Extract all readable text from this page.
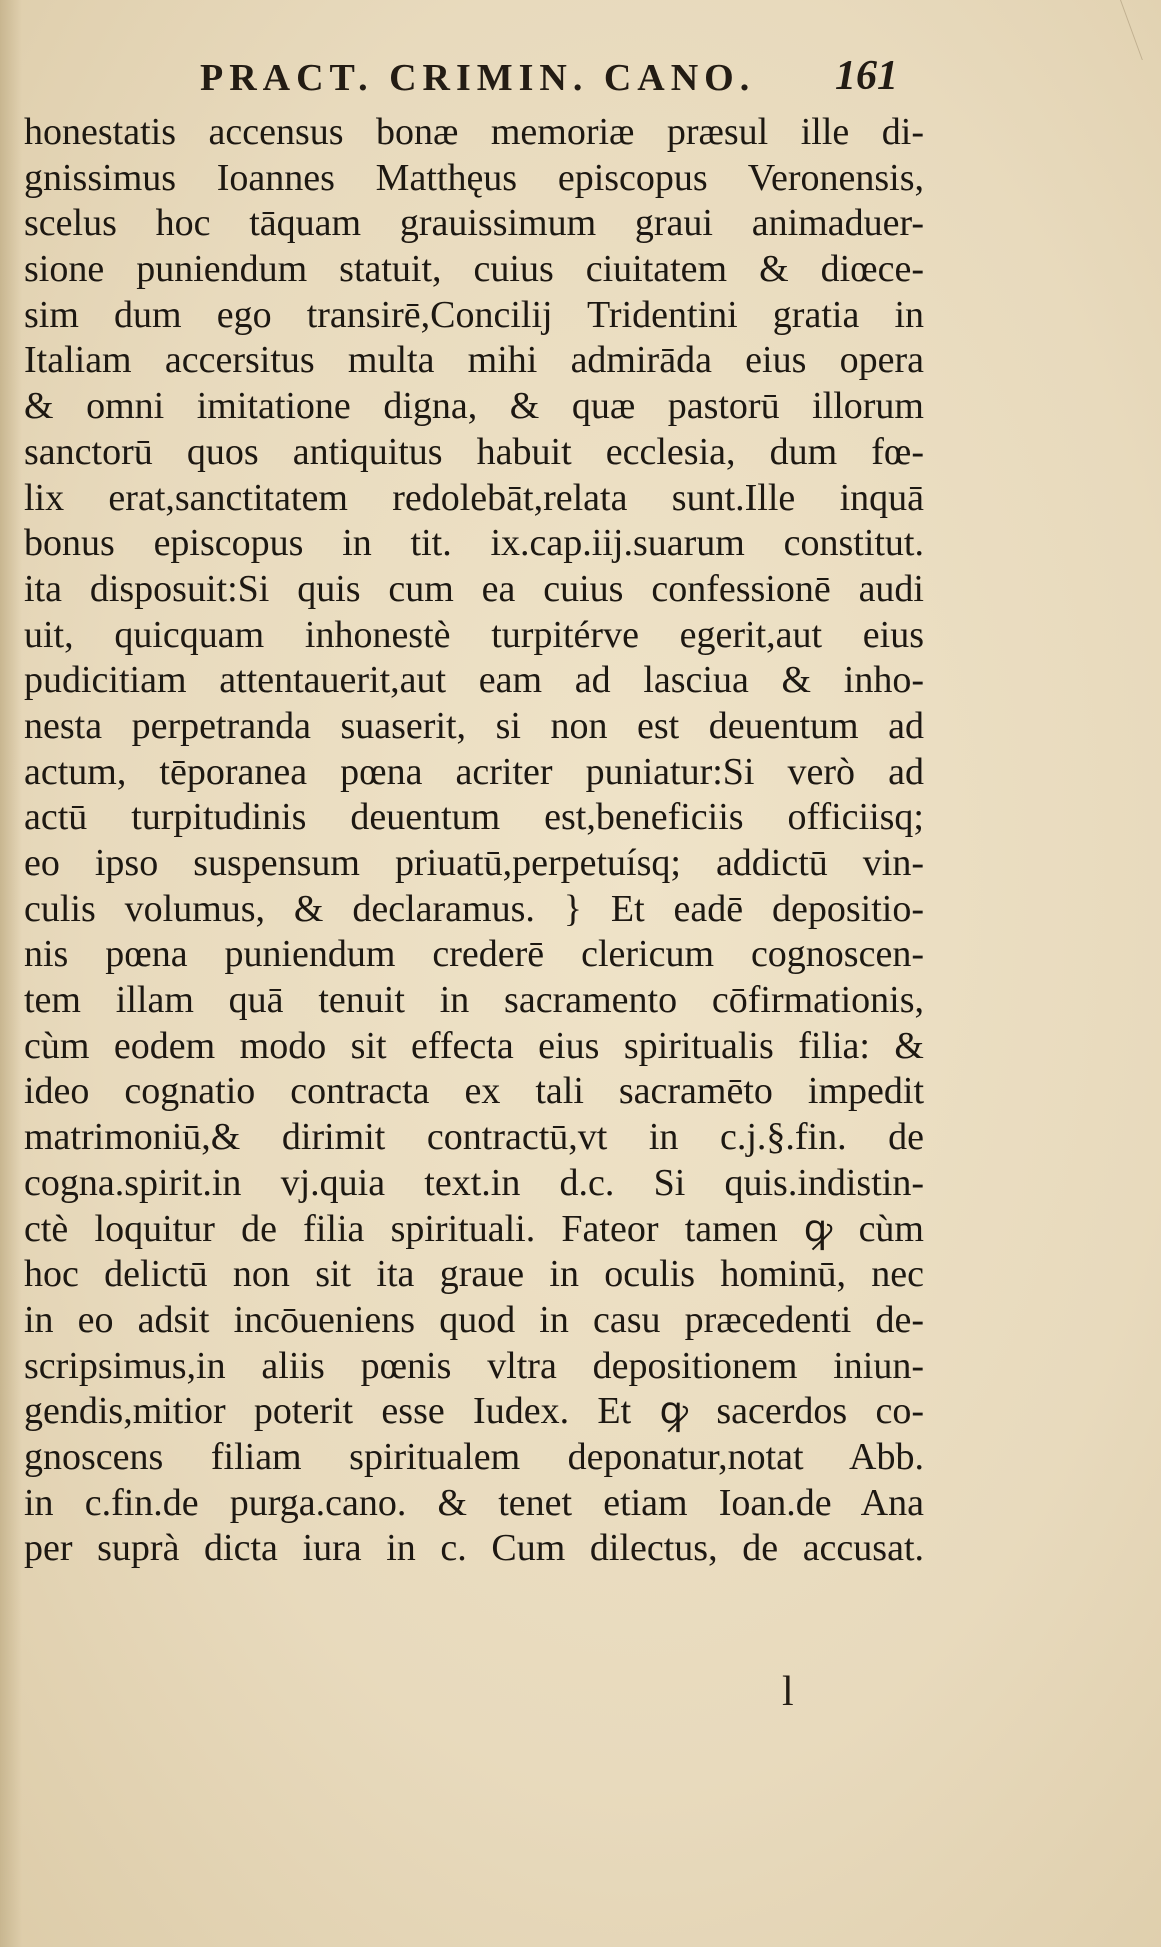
PRACT. CRIMIN. CANO. 161
honestatis accensus bonæ memoriæ præsul ille di-
gnissimus Ioannes Matthęus episcopus Veronensis,
scelus hoc tāquam grauissimum graui animaduer-
sione puniendum statuit, cuius ciuitatem & diœce-
sim dum ego transirē,Concilij Tridentini gratia in
Italiam accersitus multa mihi admirāda eius opera
& omni imitatione digna, & quæ pastorū illorum
sanctorū quos antiquitus habuit ecclesia, dum fœ-
lix erat,sanctitatem redolebāt,relata sunt.Ille inquā
bonus episcopus in tit. ix.cap.iij.suarum constitut.
ita disposuit:Si quis cum ea cuius confessionē audi
uit, quicquam inhonestè turpitérve egerit,aut eius
pudicitiam attentauerit,aut eam ad lasciua & inho-
nesta perpetranda suaserit, si non est deuentum ad
actum, tēporanea pœna acriter puniatur:Si verò ad
actū turpitudinis deuentum est,beneficiis officiisq;
eo ipso suspensum priuatū,perpetuísq; addictū vin-
culis volumus, & declaramus. } Et eadē depositio-
nis pœna puniendum crederē clericum cognoscen-
tem illam quā tenuit in sacramento cōfirmationis,
cùm eodem modo sit effecta eius spiritualis filia: &
ideo cognatio contracta ex tali sacramēto impedit
matrimoniū,& dirimit contractū,vt in c.j.§.fin. de
cogna.spirit.in vj.quia text.in d.c. Si quis.indistin-
ctè loquitur de filia spirituali. Fateor tamen ꝙ cùm
hoc delictū non sit ita graue in oculis hominū, nec
in eo adsit incōueniens quod in casu præcedenti de-
scripsimus,in aliis pœnis vltra depositionem iniun-
gendis,mitior poterit esse Iudex. Et ꝙ sacerdos co-
gnoscens filiam spiritualem deponatur,notat Abb.
in c.fin.de purga.cano. & tenet etiam Ioan.de Ana
per suprà dicta iura in c. Cum dilectus, de accusat.
l
